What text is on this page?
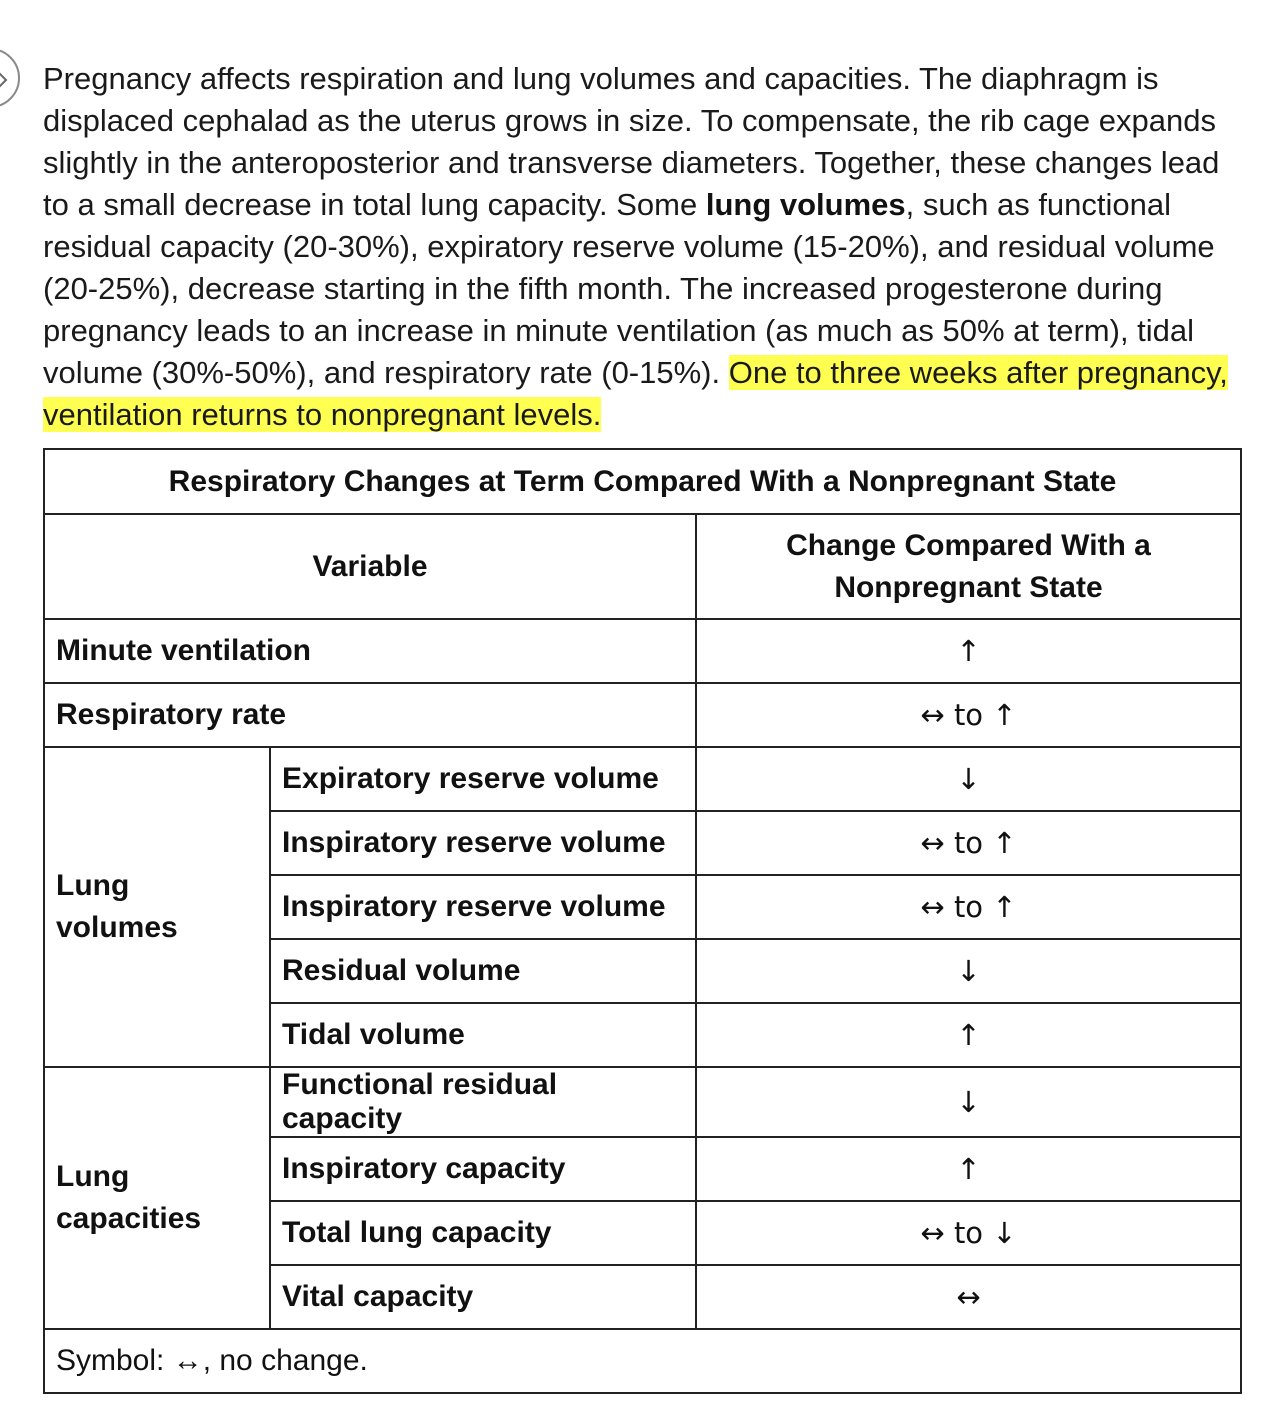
Pregnancy affects respiration and lung volumes and capacities. The diaphragm is displaced cephalad as the uterus grows in size. To compensate, the rib cage expands slightly in the anteroposterior and transverse diameters. Together, these changes lead to a small decrease in total lung capacity. Some lung volumes, such as functional residual capacity (20-30%), expiratory reserve volume (15-20%), and residual volume (20-25%), decrease starting in the fifth month. The increased progesterone during pregnancy leads to an increase in minute ventilation (as much as 50% at term), tidal volume (30%-50%), and respiratory rate (0-15%). One to three weeks after pregnancy, ventilation returns to nonpregnant levels.

Respiratory Changes at Term Compared With a Nonpregnant State		
Variable		Change Compared With a Nonpregnant State

Minute ventilation		↑
Respiratory rate		↔ to ↑
Lung volumes	Expiratory reserve volume	↓
	Inspiratory reserve volume	↔ to ↑
	Inspiratory reserve volume	↔ to ↑
	Residual volume	↓
	Tidal volume	↑

Lung capacities	Functional residual capacity	↓
	Inspiratory capacity	↑
	Total lung capacity	↔ to ↓
	Vital capacity	↔
Symbol: ↔, no change.		
